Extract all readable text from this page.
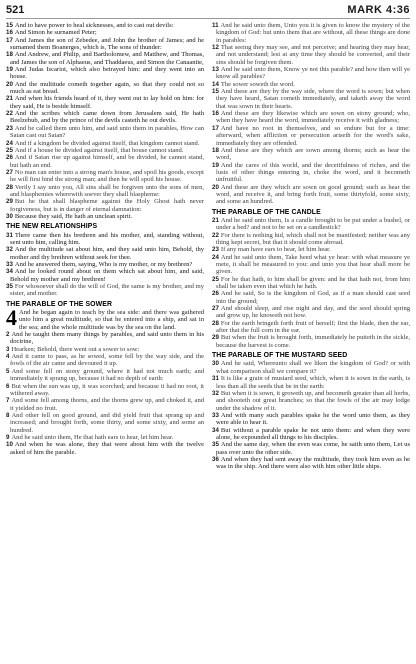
521	MARK 4:36

15 And to have power to heal sicknesses, and to cast out devils:

16 And Simon he surnamed Peter;

17 And James the son of Zebedee, and John the brother of James; and he surnamed them Boanerges, which is, The sons of thunder:

18 And Andrew, and Philip, and Bartholomew, and Matthew, and Thomas, and James the son of Alphaeus, and Thaddaeus, and Simon the Canaanite,

19 And Judas Iscariot, which also betrayed him: and they went into an house.

20 And the multitude cometh together again, so that they could not so much as eat bread.

21 And when his friends heard of it, they went out to lay hold on him: for they said, He is beside himself.

22 And the scribes which came down from Jerusalem said, He hath Beelzebub, and by the prince of the devils casteth he out devils.

23 And he called them unto him, and said unto them in parables, How can Satan cast out Satan?

24 And if a kingdom be divided against itself, that kingdom cannot stand.

25 And if a house be divided against itself, that house cannot stand.

26 And if Satan rise up against himself, and be divided, he cannot stand, but hath an end.

27 No man can enter into a strong man's house, and spoil his goods, except he will first bind the strong man; and then he will spoil his house.

28 Verily I say unto you, All sins shall be forgiven unto the sons of men, and blasphemies wherewith soever they shall blaspheme:

29 But he that shall blaspheme against the Holy Ghost hath never forgiveness, but is in danger of eternal damnation:

30 Because they said, He hath an unclean spirit.

THE NEW RELATIONSHIPS

31 There came then his brethren and his mother, and, standing without, sent unto him, calling him.

32 And the multitude sat about him, and they said unto him, Behold, thy mother and thy brethren without seek for thee.

33 And he answered them, saying, Who is my mother, or my brethren?

34 And he looked round about on them which sat about him, and said, Behold my mother and my brethren!

35 For whosoever shall do the will of God, the same is my brother, and my sister, and mother.

THE PARABLE OF THE SOWER

4 And he began again to teach by the sea side: and there was gathered unto him a great multitude, so that he entered into a ship, and sat in the sea; and the whole multitude was by the sea on the land.

2 And he taught them many things by parables, and said unto them in his doctrine,

3 Hearken; Behold, there went out a sower to sow:

4 And it came to pass, as he sowed, some fell by the way side, and the fowls of the air came and devoured it up.

5 And some fell on stony ground, where it had not much earth; and immediately it sprang up, because it had no depth of earth:

6 But when the sun was up, it was scorched; and because it had no root, it withered away.

7 And some fell among thorns, and the thorns grew up, and choked it, and it yielded no fruit.

8 And other fell on good ground, and did yield fruit that sprang up and increased; and brought forth, some thirty, and some sixty, and some an hundred.

9 And he said unto them, He that hath ears to hear, let him hear.

10 And when he was alone, they that were about him with the twelve asked of him the parable.

11 And he said unto them, Unto you it is given to know the mystery of the kingdom of God: but unto them that are without, all these things are done in parables:

12 That seeing they may see, and not perceive; and hearing they may hear, and not understand; lest at any time they should be converted, and their sins should be forgiven them.

13 And he said unto them, Know ye not this parable? and how then will ye know all parables?

14 The sower soweth the word.

15 And these are they by the way side, where the word is sown; but when they have heard, Satan cometh immediately, and taketh away the word that was sown in their hearts.

16 And these are they likewise which are sown on stony ground; who, when they have heard the word, immediately receive it with gladness;

17 And have no root in themselves, and so endure but for a time: afterward, when affliction or persecution ariseth for the word's sake, immediately they are offended.

18 And these are they which are sown among thorns; such as hear the word,

19 And the cares of this world, and the deceitfulness of riches, and the lusts of other things entering in, choke the word, and it becometh unfruitful.

20 And these are they which are sown on good ground; such as hear the word, and receive it, and bring forth fruit, some thirtyfold, some sixty, and some an hundred.

THE PARABLE OF THE CANDLE

21 And he said unto them, Is a candle brought to be put under a bushel, or under a bed? and not to be set on a candlestick?

22 For there is nothing hid, which shall not be manifested; neither was any thing kept secret, but that it should come abroad.

23 If any man have ears to hear, let him hear.

24 And he said unto them, Take heed what ye hear: with what measure ye mete, it shall be measured to you: and unto you that hear shall more be given.

25 For he that hath, to him shall be given: and he that hath not, from him shall be taken even that which he hath.

26 And he said, So is the kingdom of God, as if a man should cast seed into the ground;

27 And should sleep, and rise night and day, and the seed should spring and grow up, he knoweth not how.

28 For the earth bringeth forth fruit of herself; first the blade, then the ear, after that the full corn in the ear.

29 But when the fruit is brought forth, immediately he putteth in the sickle, because the harvest is come.

THE PARABLE OF THE MUSTARD SEED

30 And he said, Whereunto shall we liken the kingdom of God? or with what comparison shall we compare it?

31 It is like a grain of mustard seed, which, when it is sown in the earth, is less than all the seeds that be in the earth:

32 But when it is sown, it groweth up, and becometh greater than all herbs, and shooteth out great branches; so that the fowls of the air may lodge under the shadow of it.

33 And with many such parables spake he the word unto them, as they were able to hear it.

34 But without a parable spake he not unto them: and when they were alone, he expounded all things to his disciples.

35 And the same day, when the even was come, he saith unto them, Let us pass over unto the other side.

36 And when they had sent away the multitude, they took him even as he was in the ship. And there were also with him other little ships.
